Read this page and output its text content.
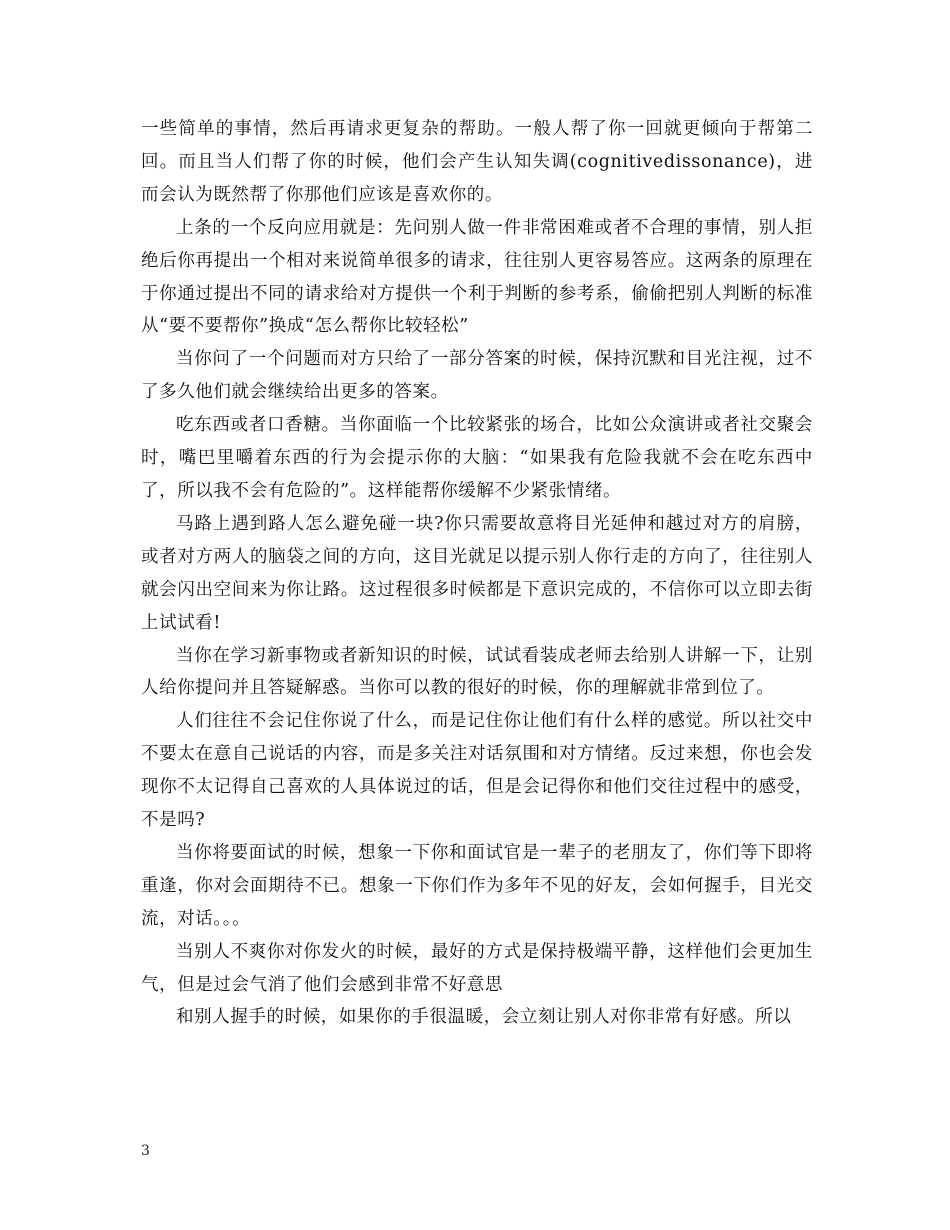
一些简单的事情，然后再请求更复杂的帮助。一般人帮了你一回就更倾向于帮第二回。而且当人们帮了你的时候，他们会产生认知失调(cognitivedissonance)，进而会认为既然帮了你那他们应该是喜欢你的。

上条的一个反向应用就是：先问别人做一件非常困难或者不合理的事情，别人拒绝后你再提出一个相对来说简单很多的请求，往往别人更容易答应。这两条的原理在于你通过提出不同的请求给对方提供一个利于判断的参考系，偷偷把别人判断的标准从“要不要帮你”换成“怎么帮你比较轻松”

当你问了一个问题而对方只给了一部分答案的时候，保持沉默和目光注视，过不了多久他们就会继续给出更多的答案。

吃东西或者口香糖。当你面临一个比较紧张的场合，比如公众演讲或者社交聚会时，嘴巴里嚼着东西的行为会提示你的大脑：“如果我有危险我就不会在吃东西中了，所以我不会有危险的”。这样能帮你缓解不少紧张情绪。

马路上遇到路人怎么避免碰一块?你只需要故意将目光延伸和越过对方的肩膀，或者对方两人的脑袋之间的方向，这目光就足以提示别人你行走的方向了，往往别人就会闪出空间来为你让路。这过程很多时候都是下意识完成的，不信你可以立即去街上试试看!

当你在学习新事物或者新知识的时候，试试看装成老师去给别人讲解一下，让别人给你提问并且答疑解惑。当你可以教的很好的时候，你的理解就非常到位了。

人们往往不会记住你说了什么，而是记住你让他们有什么样的感觉。所以社交中不要太在意自己说话的内容，而是多关注对话氛围和对方情绪。反过来想，你也会发现你不太记得自己喜欢的人具体说过的话，但是会记得你和他们交往过程中的感受，不是吗?

当你将要面试的时候，想象一下你和面试官是一辈子的老朋友了，你们等下即将重逢，你对会面期待不已。想象一下你们作为多年不见的好友，会如何握手，目光交流，对话。。。

当别人不爽你对你发火的时候，最好的方式是保持极端平静，这样他们会更加生气，但是过会气消了他们会感到非常不好意思

和别人握手的时候，如果你的手很温暖，会立刻让别人对你非常有好感。所以

3
